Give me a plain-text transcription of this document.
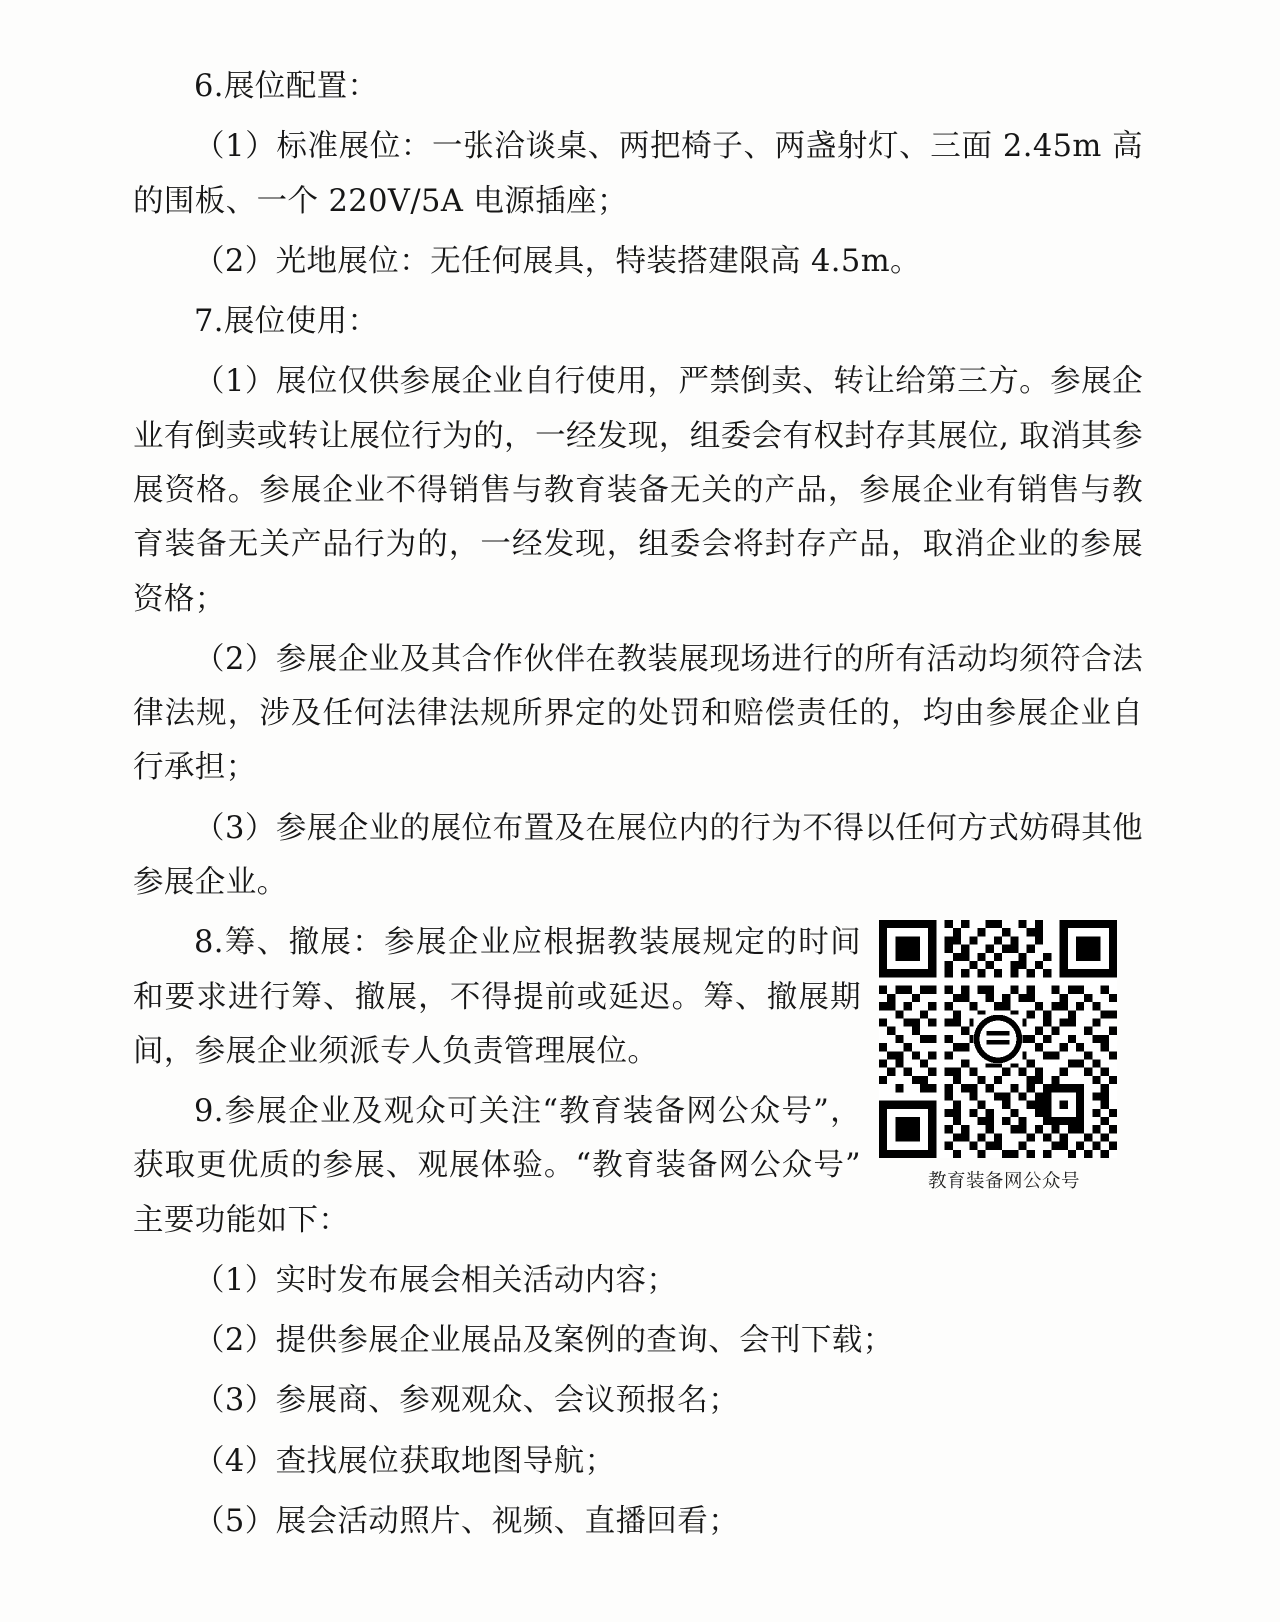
6.展位配置：

（1）标准展位：一张洽谈桌、两把椅子、两盏射灯、三面 2.45m 高的围板、一个 220V/5A 电源插座；

（2）光地展位：无任何展具，特装搭建限高 4.5m。

7.展位使用：

（1）展位仅供参展企业自行使用，严禁倒卖、转让给第三方。参展企业有倒卖或转让展位行为的，一经发现，组委会有权封存其展位, 取消其参展资格。参展企业不得销售与教育装备无关的产品，参展企业有销售与教育装备无关产品行为的，一经发现，组委会将封存产品，取消企业的参展资格；

（2）参展企业及其合作伙伴在教装展现场进行的所有活动均须符合法律法规，涉及任何法律法规所界定的处罚和赔偿责任的，均由参展企业自行承担；

（3）参展企业的展位布置及在展位内的行为不得以任何方式妨碍其他参展企业。

教育装备网公众号

8.筹、撤展：参展企业应根据教装展规定的时间和要求进行筹、撤展，不得提前或延迟。筹、撤展期间，参展企业须派专人负责管理展位。

9.参展企业及观众可关注“教育装备网公众号”，获取更优质的参展、观展体验。“教育装备网公众号”主要功能如下：

（1）实时发布展会相关活动内容；

（2）提供参展企业展品及案例的查询、会刊下载；

（3）参展商、参观观众、会议预报名；

（4）查找展位获取地图导航；

（5）展会活动照片、视频、直播回看；
